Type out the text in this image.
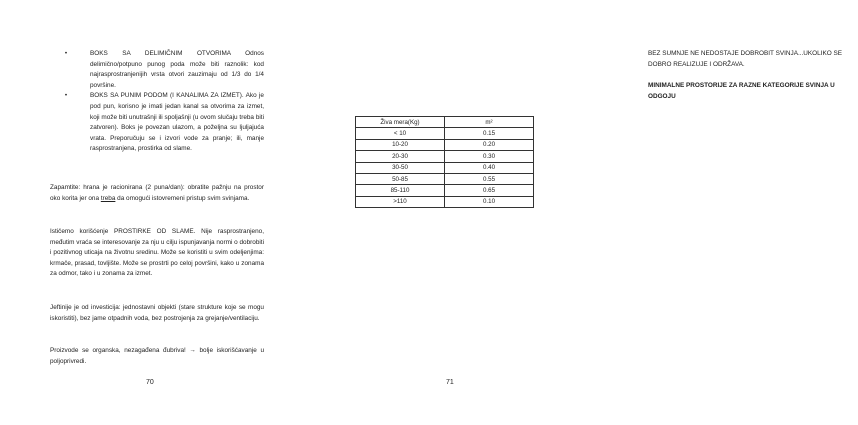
•	BOKS SA DELIMIČNIM OTVORIMA Odnos delimično/potpuno punog poda može biti raznolik: kod najrasprostranjenijih vrsta otvori zauzimaju od 1/3 do 1/4 površine.
•	BOKS SA PUNIM PODOM (I KANALIMA ZA IZMET). Ako je pod pun, korisno je imati jedan kanal sa otvorima za izmet, koji može biti unutrašnji ili spoljašnji (u ovom slučaju treba biti zatvoren). Boks je povezan ulazom, a poželjna su ljuljajuća vrata. Preporučuju se i izvori vode za pranje; ili, manje rasprostranjena, prostirka od slame.

Zapamtite: hrana je racionirana (2 puna/dan): obratite pažnju na prostor oko korita jer ona treba da omogući istovremeni pristup svim svinjama.

Ističemo korišćenje PROSTIRKE OD SLAME. Nije rasprostranjeno, međutim vraća se interesovanje za nju u cilju ispunjavanja normi o dobrobiti i pozitivnog uticaja na životnu sredinu. Može se koristiti u svim odeljenjima: krmače, prasad, tovljište. Može se prostrti po celoj površini, kako u zonama za odmor, tako i u zonama za izmet.

Jeftinije je od investicija: jednostavni objekti (stare strukture koje se mogu iskoristiti), bez jame otpadnih voda, bez postrojenja za grejanje/ventilaciju.

Proizvode se organska, nezagađena đubriva! → bolje iskorišćavanje u poljoprivredi.

70

BEZ SUMNJE NE NEDOSTAJE DOBROBIT SVINJA...UKOLIKO SE DOBRO REALIZUJE I ODRŽAVA.

MINIMALNE PROSTORIJE ZA RAZNE KATEGORIJE SVINJA U ODGOJU

71
Živa mera(Kg)	m²
< 10	0.15
10-20	0.20
20-30	0.30
30-50	0.40
50-85	0.55
85-110	0.65
>110	0.10
